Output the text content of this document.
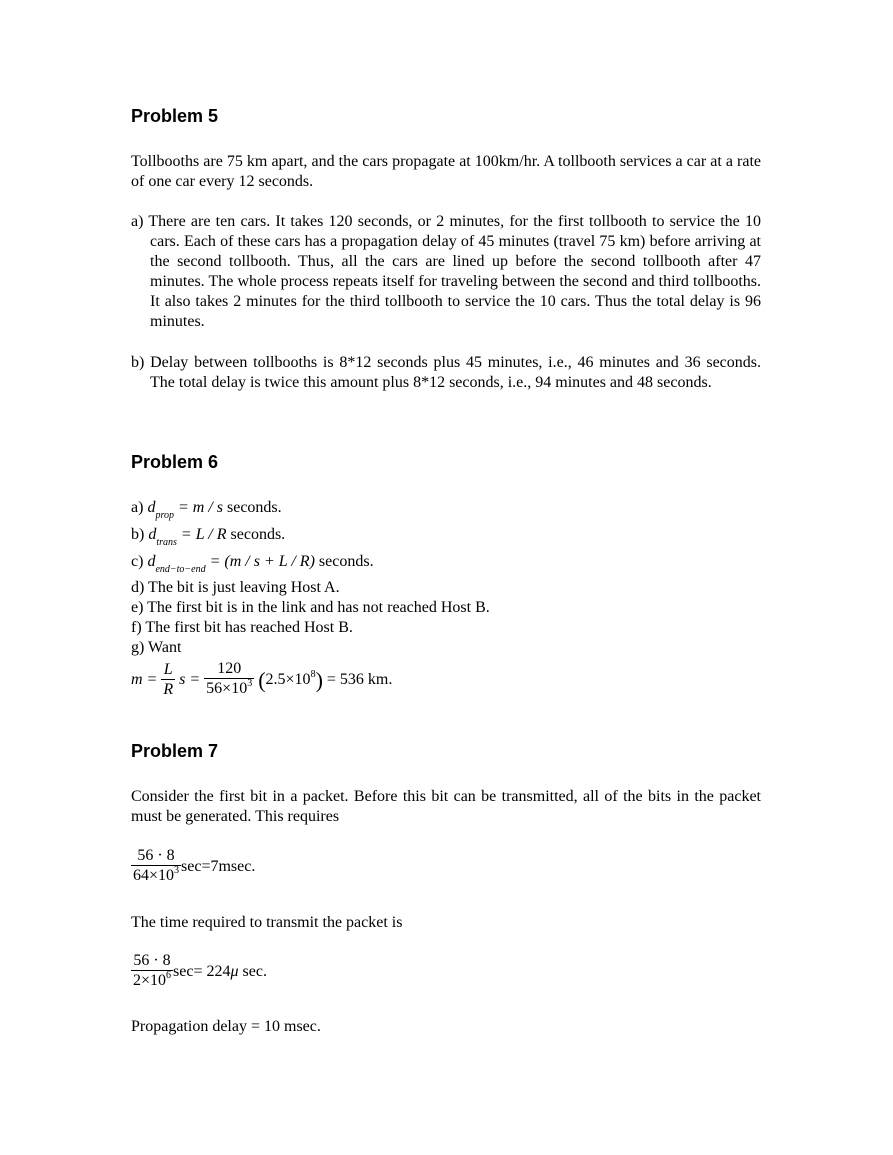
Problem 5
Tollbooths are 75 km apart, and the cars propagate at 100km/hr. A tollbooth services a car at a rate of one car every 12 seconds.
a) There are ten cars. It takes 120 seconds, or 2 minutes, for the first tollbooth to service the 10 cars. Each of these cars has a propagation delay of 45 minutes (travel 75 km) before arriving at the second tollbooth. Thus, all the cars are lined up before the second tollbooth after 47 minutes. The whole process repeats itself for traveling between the second and third tollbooths. It also takes 2 minutes for the third tollbooth to service the 10 cars. Thus the total delay is 96 minutes.
b) Delay between tollbooths is 8*12 seconds plus 45 minutes, i.e., 46 minutes and 36 seconds. The total delay is twice this amount plus 8*12 seconds, i.e., 94 minutes and 48 seconds.
Problem 6
a) $d_{prop} = m / s$ seconds.
b) $d_{trans} = L / R$ seconds.
c) $d_{end-to-end} = (m / s + L / R)$ seconds.
d) The bit is just leaving Host A.
e) The first bit is in the link and has not reached Host B.
f) The first bit has reached Host B.
g) Want
$m = \frac{L}{R}$ $s = \frac{120}{56\times 10^3} (2.5\times 10^8) = 536$ km.
Problem 7
Consider the first bit in a packet. Before this bit can be transmitted, all of the bits in the packet must be generated. This requires
$\frac{56 \cdot 8}{64\times 10^3} \sec=7msec$.
The time required to transmit the packet is
$\frac{56 \cdot 8}{2\times 10^6} \sec= 224\mu$ sec.
Propagation delay = 10 msec.
